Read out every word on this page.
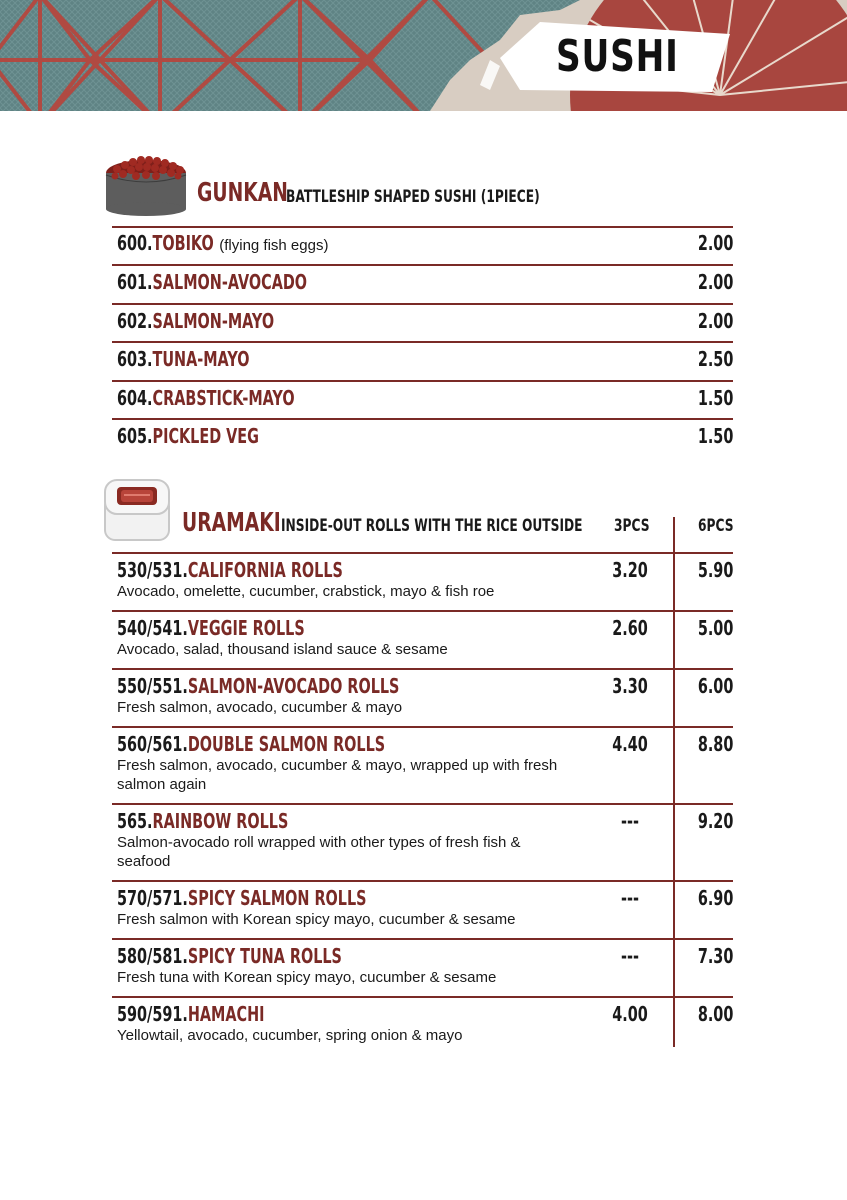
SUSHI
GUNKAN
BATTLESHIP SHAPED SUSHI (1PIECE)
600.TOBIKO (flying fish eggs)	2.00
601.SALMON-AVOCADO	2.00
602.SALMON-MAYO	2.00
603.TUNA-MAYO	2.50
604.CRABSTICK-MAYO	1.50
605.PICKLED VEG	1.50
URAMAKI INSIDE-OUT ROLLS WITH THE RICE OUTSIDE 3PCS	6PCS
530/531.CALIFORNIA ROLLS
Avocado, omelette, cucumber, crabstick, mayo & fish roe
3.20 5.90
540/541.VEGGIE ROLLS
Avocado, salad, thousand island sauce & sesame
2.60 5.00
550/551.SALMON-AVOCADO ROLLS
Fresh salmon, avocado, cucumber & mayo
3.30 6.00
560/561.DOUBLE SALMON ROLLS
Fresh salmon, avocado, cucumber & mayo, wrapped up with fresh salmon again
4.40 8.80
565.RAINBOW ROLLS
Salmon-avocado roll wrapped with other types of fresh fish & seafood
---	9.20
570/571.SPICY SALMON ROLLS
Fresh salmon with Korean spicy mayo, cucumber & sesame
---	6.90
580/581.SPICY TUNA ROLLS
Fresh tuna with Korean spicy mayo, cucumber & sesame
---	7.30
590/591.HAMACHI
Yellowtail, avocado, cucumber, spring onion & mayo
4.00 8.00
